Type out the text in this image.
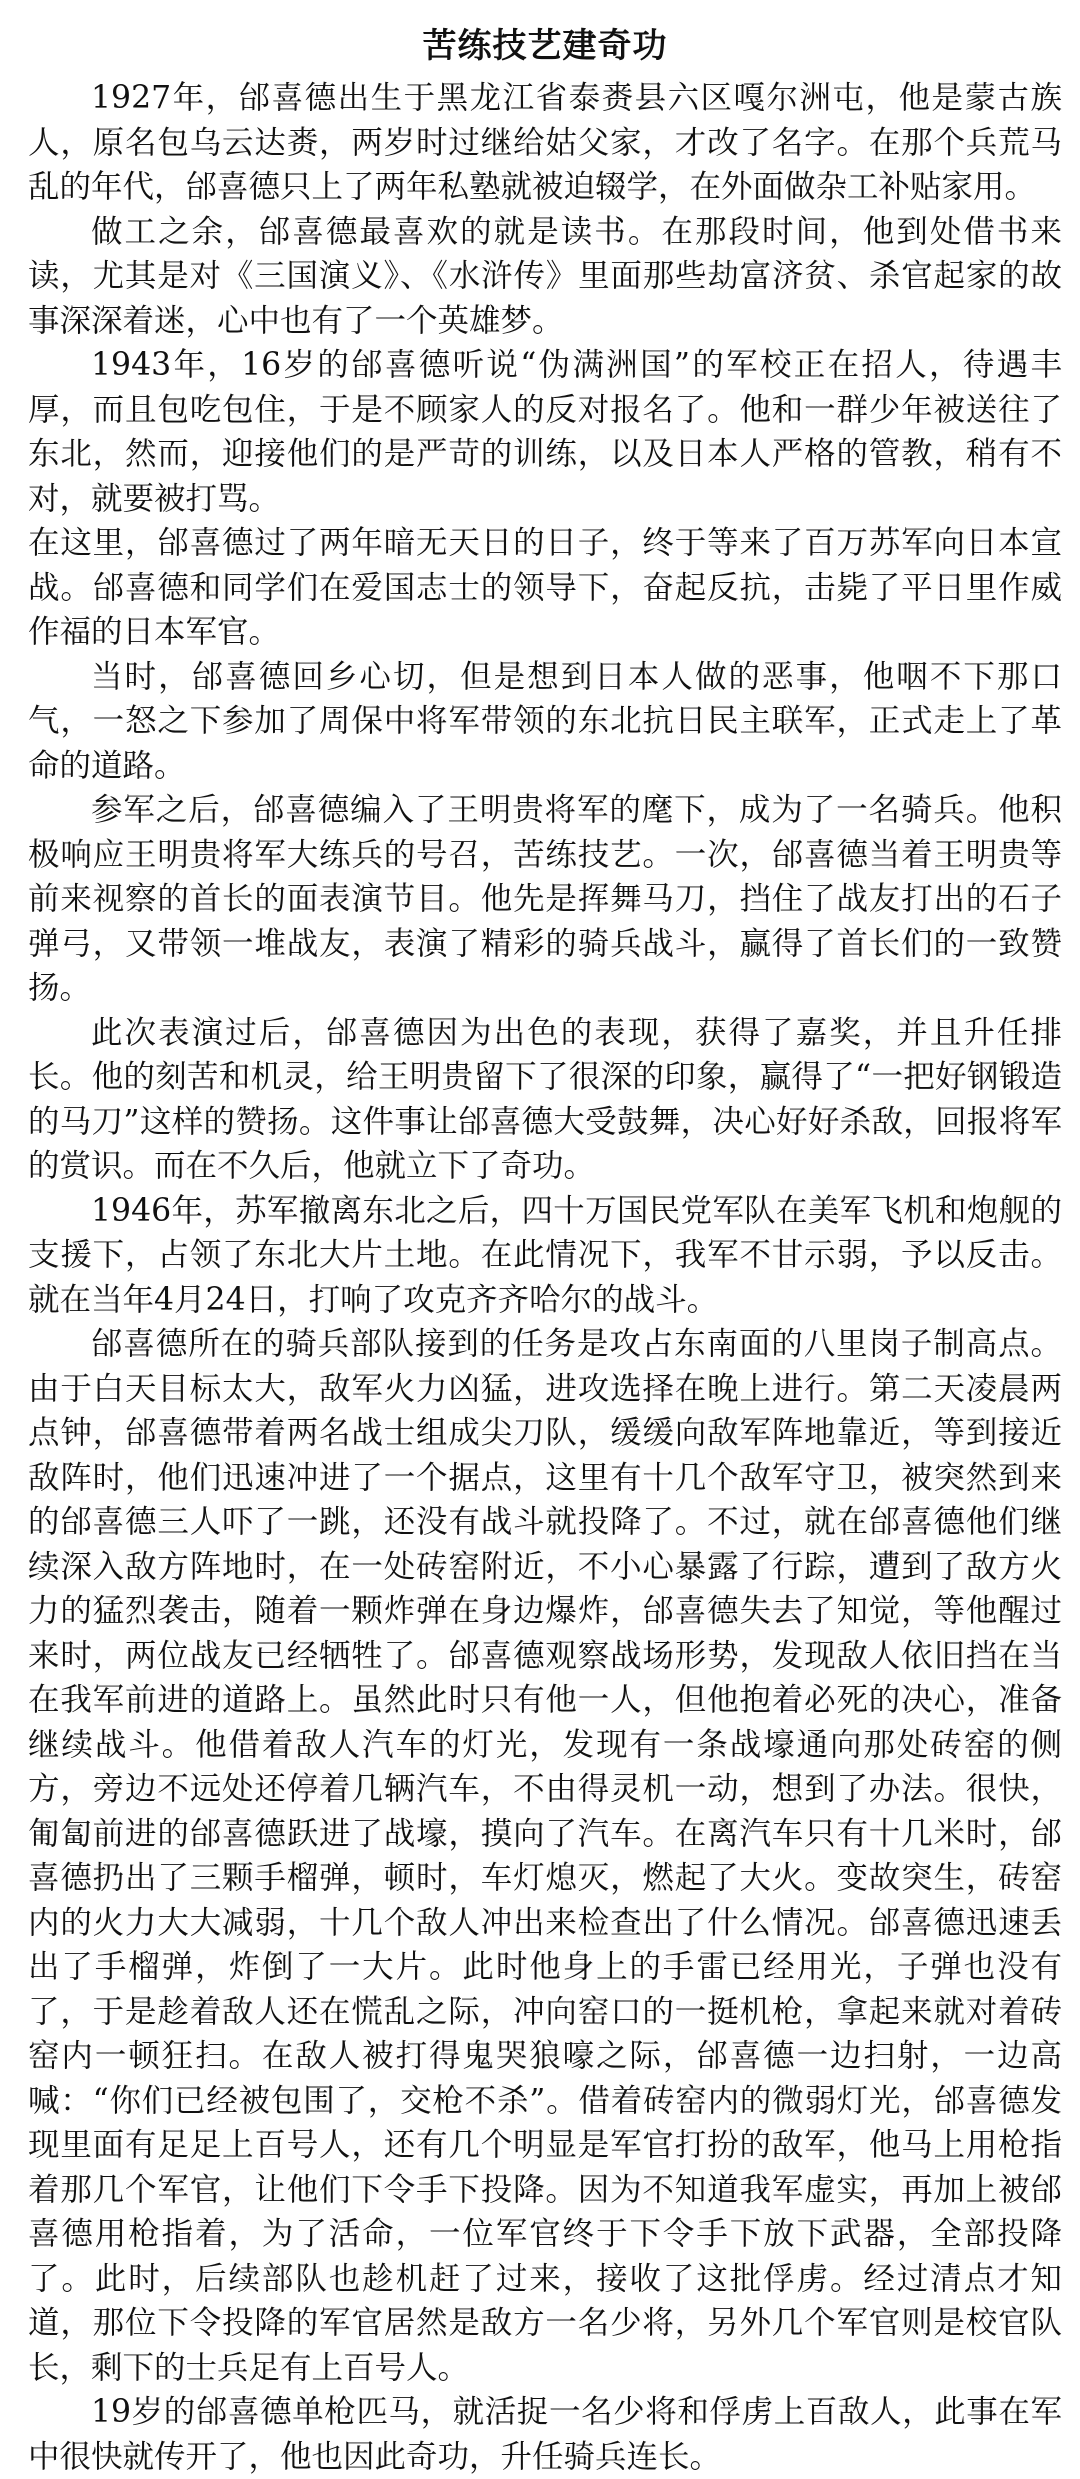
苦练技艺建奇功

1927年，邰喜德出生于黑龙江省泰赉县六区嘎尔洲屯，他是蒙古族人，原名包乌云达赉，两岁时过继给姑父家，才改了名字。在那个兵荒马乱的年代，邰喜德只上了两年私塾就被迫辍学，在外面做杂工补贴家用。

做工之余，邰喜德最喜欢的就是读书。在那段时间，他到处借书来读，尤其是对《三国演义》、《水浒传》里面那些劫富济贫、杀官起家的故事深深着迷，心中也有了一个英雄梦。

1943年，16岁的邰喜德听说“伪满洲国”的军校正在招人，待遇丰厚，而且包吃包住，于是不顾家人的反对报名了。他和一群少年被送往了东北，然而，迎接他们的是严苛的训练，以及日本人严格的管教，稍有不对，就要被打骂。

在这里，邰喜德过了两年暗无天日的日子，终于等来了百万苏军向日本宣战。邰喜德和同学们在爱国志士的领导下，奋起反抗，击毙了平日里作威作福的日本军官。

当时，邰喜德回乡心切，但是想到日本人做的恶事，他咽不下那口气，一怒之下参加了周保中将军带领的东北抗日民主联军，正式走上了革命的道路。

参军之后，邰喜德编入了王明贵将军的麾下，成为了一名骑兵。他积极响应王明贵将军大练兵的号召，苦练技艺。一次，邰喜德当着王明贵等前来视察的首长的面表演节目。他先是挥舞马刀，挡住了战友打出的石子弹弓，又带领一堆战友，表演了精彩的骑兵战斗，赢得了首长们的一致赞扬。

此次表演过后，邰喜德因为出色的表现，获得了嘉奖，并且升任排长。他的刻苦和机灵，给王明贵留下了很深的印象，赢得了“一把好钢锻造的马刀”这样的赞扬。这件事让邰喜德大受鼓舞，决心好好杀敌，回报将军的赏识。而在不久后，他就立下了奇功。

1946年，苏军撤离东北之后，四十万国民党军队在美军飞机和炮舰的支援下，占领了东北大片土地。在此情况下，我军不甘示弱，予以反击。就在当年4月24日，打响了攻克齐齐哈尔的战斗。

邰喜德所在的骑兵部队接到的任务是攻占东南面的八里岗子制高点。由于白天目标太大，敌军火力凶猛，进攻选择在晚上进行。第二天凌晨两点钟，邰喜德带着两名战士组成尖刀队，缓缓向敌军阵地靠近，等到接近敌阵时，他们迅速冲进了一个据点，这里有十几个敌军守卫，被突然到来的邰喜德三人吓了一跳，还没有战斗就投降了。不过，就在邰喜德他们继续深入敌方阵地时，在一处砖窑附近，不小心暴露了行踪，遭到了敌方火力的猛烈袭击，随着一颗炸弹在身边爆炸，邰喜德失去了知觉，等他醒过来时，两位战友已经牺牲了。邰喜德观察战场形势，发现敌人依旧挡在当在我军前进的道路上。虽然此时只有他一人，但他抱着必死的决心，准备继续战斗。他借着敌人汽车的灯光，发现有一条战壕通向那处砖窑的侧方，旁边不远处还停着几辆汽车，不由得灵机一动，想到了办法。很快，匍匐前进的邰喜德跃进了战壕，摸向了汽车。在离汽车只有十几米时，邰喜德扔出了三颗手榴弹，顿时，车灯熄灭，燃起了大火。变故突生，砖窑内的火力大大减弱，十几个敌人冲出来检查出了什么情况。邰喜德迅速丢出了手榴弹，炸倒了一大片。此时他身上的手雷已经用光，子弹也没有了，于是趁着敌人还在慌乱之际，冲向窑口的一挺机枪，拿起来就对着砖窑内一顿狂扫。在敌人被打得鬼哭狼嚎之际，邰喜德一边扫射，一边高喊：“你们已经被包围了，交枪不杀”。借着砖窑内的微弱灯光，邰喜德发现里面有足足上百号人，还有几个明显是军官打扮的敌军，他马上用枪指着那几个军官，让他们下令手下投降。因为不知道我军虚实，再加上被邰喜德用枪指着，为了活命，一位军官终于下令手下放下武器，全部投降了。此时，后续部队也趁机赶了过来，接收了这批俘虏。经过清点才知道，那位下令投降的军官居然是敌方一名少将，另外几个军官则是校官队长，剩下的士兵足有上百号人。

19岁的邰喜德单枪匹马，就活捉一名少将和俘虏上百敌人，此事在军中很快就传开了，他也因此奇功，升任骑兵连长。
